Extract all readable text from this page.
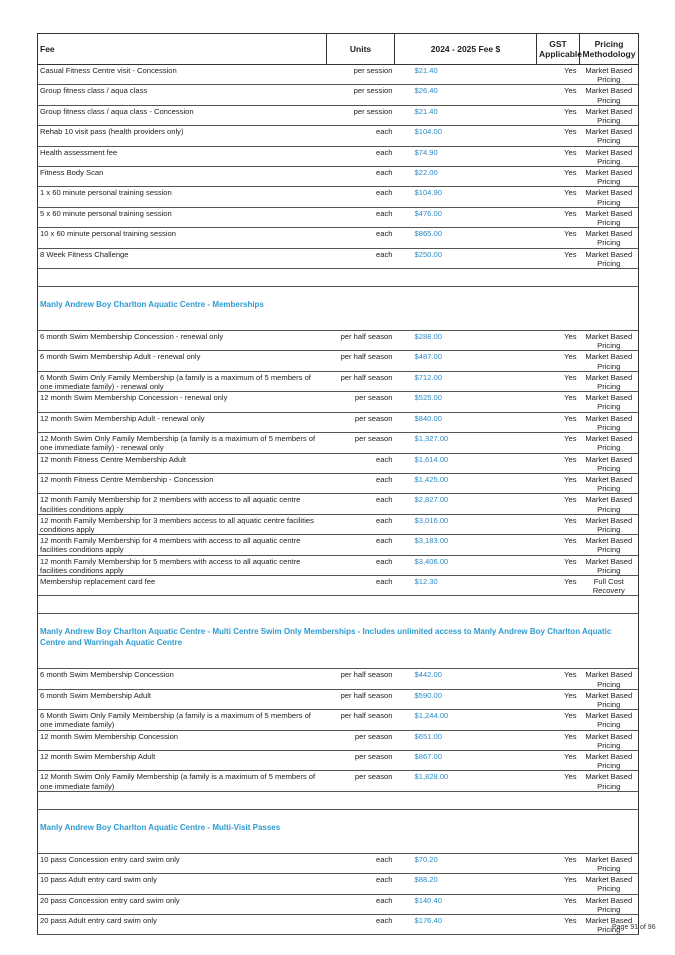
Fee	Units	2024 - 2025 Fee $	GST Applicable	Pricing Methodology
Casual Fitness Centre visit - Concession	per session	$21.40	Yes	Market Based Pricing
Group fitness class / aqua class	per session	$26.40	Yes	Market Based Pricing
Group fitness class / aqua class - Concession	per session	$21.40	Yes	Market Based Pricing
Rehab 10 visit pass (health providers only)	each	$104.00	Yes	Market Based Pricing
Health assessment fee	each	$74.90	Yes	Market Based Pricing
Fitness Body Scan	each	$22.00	Yes	Market Based Pricing
1 x 60 minute personal training session	each	$104.90	Yes	Market Based Pricing
5 x 60 minute personal training session	each	$476.00	Yes	Market Based Pricing
10 x 60 minute personal training session	each	$865.00	Yes	Market Based Pricing
8 Week Fitness Challenge	each	$250.00	Yes	Market Based Pricing

Manly Andrew Boy Charlton Aquatic Centre - Memberships				
6 month Swim Membership Concession - renewal only	per half season	$288.00	Yes	Market Based Pricing
6 month Swim Membership Adult - renewal only	per half season	$487.00	Yes	Market Based Pricing
6 Month Swim Only Family Membership (a family is a maximum of 5 members of one immediate family) - renewal only	per half season	$712.00	Yes	Market Based Pricing
12 month Swim Membership Concession - renewal only	per season	$525.00	Yes	Market Based Pricing
12 month Swim Membership Adult - renewal only	per season	$840.00	Yes	Market Based Pricing
12 Month Swim Only Family Membership (a family is a maximum of 5 members of one immediate family) - renewal only	per season	$1,327.00	Yes	Market Based Pricing
12 month Fitness Centre Membership Adult	each	$1,614.00	Yes	Market Based Pricing
12 month Fitness Centre Membership - Concession	each	$1,425.00	Yes	Market Based Pricing
12 month Family Membership for 2 members with access to all aquatic centre facilities conditions apply	each	$2,827.00	Yes	Market Based Pricing
12 month Family Membership for 3 members access to all aquatic centre facilities conditions apply	each	$3,016.00	Yes	Market Based Pricing
12 month Family Membership for 4 members with access to all aquatic centre facilities conditions apply	each	$3,183.00	Yes	Market Based Pricing
12 month Family Membership for 5 members with access to all aquatic centre facilities conditions apply	each	$3,406.00	Yes	Market Based Pricing
Membership replacement card fee	each	$12.30	Yes	Full Cost Recovery

Manly Andrew Boy Charlton Aquatic Centre - Multi Centre Swim Only Memberships - Includes unlimited access to Manly Andrew Boy Charlton Aquatic Centre and Warringah Aquatic Centre				
6 month Swim Membership Concession	per half season	$442.00	Yes	Market Based Pricing
6 month Swim Membership Adult	per half season	$590.00	Yes	Market Based Pricing
6 Month Swim Only Family Membership (a family is a maximum of 5 members of one immediate family)	per half season	$1,244.00	Yes	Market Based Pricing
12 month Swim Membership Concession	per season	$651.00	Yes	Market Based Pricing
12 month Swim Membership Adult	per season	$867.00	Yes	Market Based Pricing
12 Month Swim Only Family Membership (a family is a maximum of 5 members of one immediate family)	per season	$1,828.00	Yes	Market Based Pricing

Manly Andrew Boy Charlton Aquatic Centre - Multi-Visit Passes				
10 pass Concession entry card swim only	each	$70.20	Yes	Market Based Pricing
10 pass Adult entry card swim only	each	$88.20	Yes	Market Based Pricing
20 pass Concession entry card swim only	each	$140.40	Yes	Market Based Pricing
20 pass Adult entry card swim only	each	$176.40	Yes	Market Based Pricing
Page 91 of 96
